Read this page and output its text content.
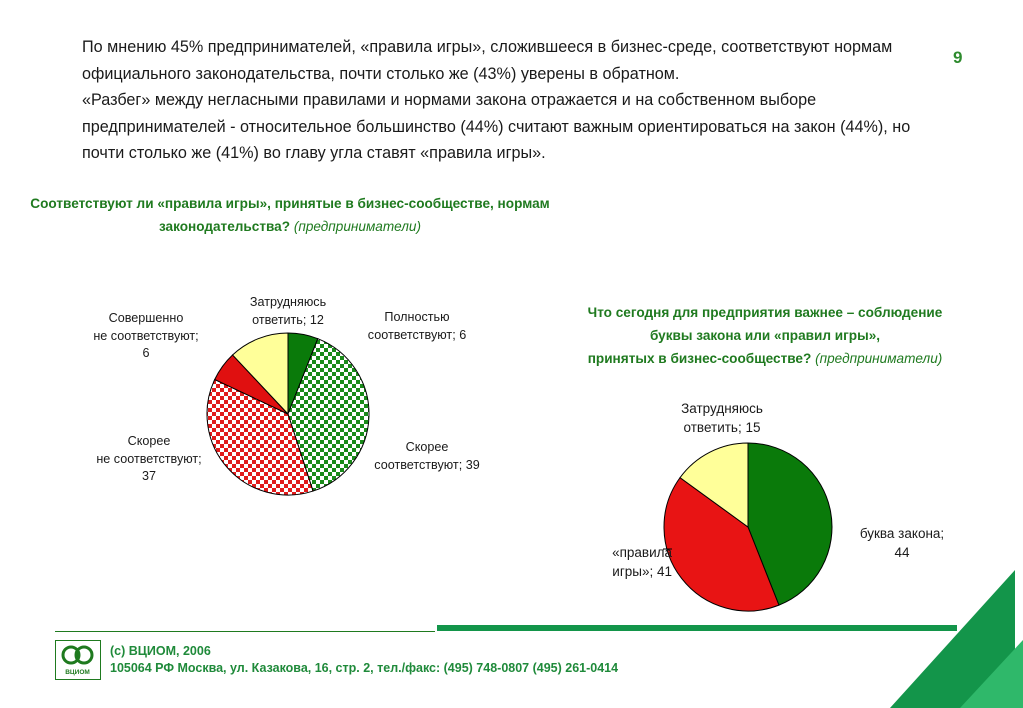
По мнению 45% предпринимателей, «правила игры», сложившееся в бизнес-среде, соответствуют нормам официального законодательства, почти столько же (43%) уверены в обратном.

«Разбег» между негласными правилами и нормами закона отражается и на собственном выборе предпринимателей - относительное большинство (44%) считают важным ориентироваться на закон (44%), но почти столько же (41%) во главу угла ставят «правила игры».

9
Соответствуют ли «правила игры», принятые в бизнес-сообществе, нормам законодательства? (предприниматели)
Что сегодня для предприятия важнее – соблюдение
буквы закона или «правил игры»,
принятых в бизнес-сообществе? (предприниматели)
Затрудняюсь
ответить; 12	Полностью
соответствуют; 6
Совершенно
не соответствуют;
6
Скорее
не соответствуют;
37
Скорее
соответствуют; 39
Затрудняюсь
ответить; 15
буква закона;
44
«правила
игры»; 41
ВЦИОМ
(с) ВЦИОМ, 2006
105064 РФ Москва, ул. Казакова, 16, стр. 2, тел./факс: (495) 748-0807 (495) 261-0414
